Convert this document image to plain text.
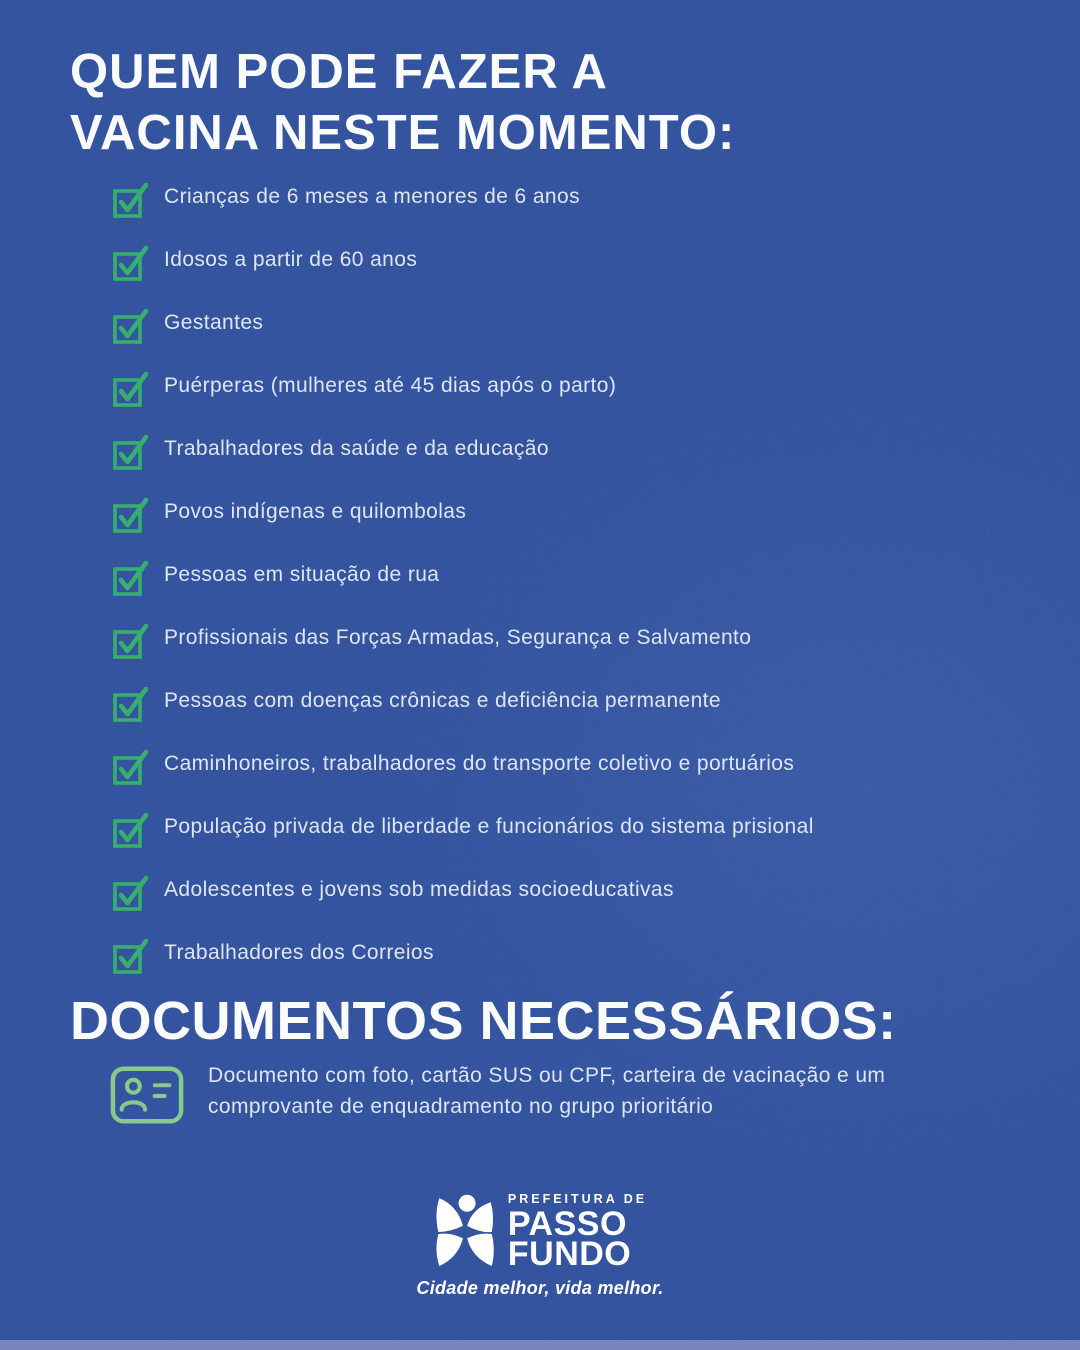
QUEM PODE FAZER A
VACINA NESTE MOMENTO:
Crianças de 6 meses a menores de 6 anos
Idosos a partir de 60 anos
Gestantes
Puérperas (mulheres até 45 dias após o parto)
Trabalhadores da saúde e da educação
Povos indígenas e quilombolas
Pessoas em situação de rua
Profissionais das Forças Armadas, Segurança e Salvamento
Pessoas com doenças crônicas e deficiência permanente
Caminhoneiros, trabalhadores do transporte coletivo e portuários
População privada de liberdade e funcionários do sistema prisional
Adolescentes e jovens sob medidas socioeducativas
Trabalhadores dos Correios
DOCUMENTOS NECESSÁRIOS:
Documento com foto, cartão SUS ou CPF, carteira de vacinação e um comprovante de enquadramento no grupo prioritário
PREFEITURA DE
PASSO
FUNDO
Cidade melhor, vida melhor.
